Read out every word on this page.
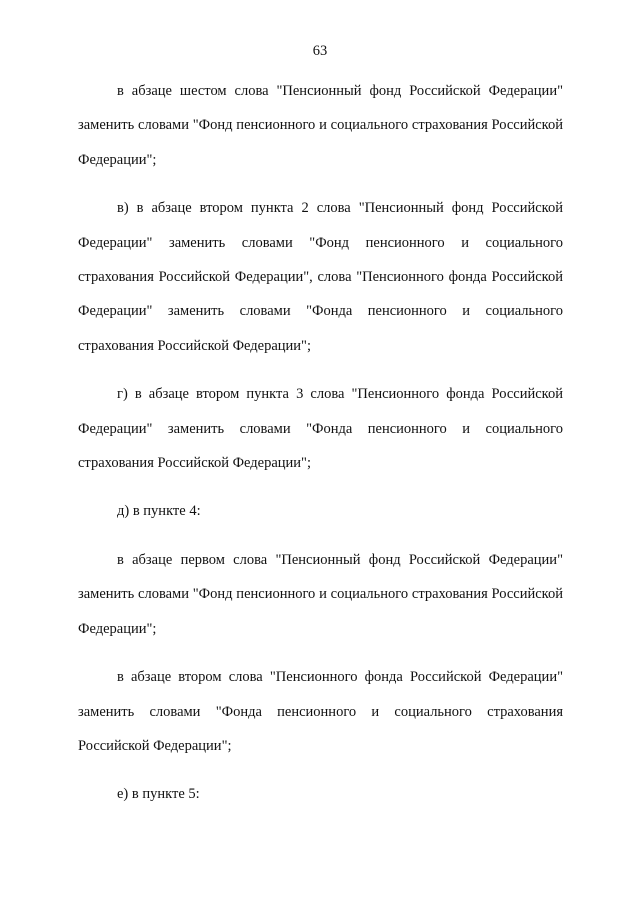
63

в абзаце шестом слова "Пенсионный фонд Российской Федерации" заменить словами "Фонд пенсионного и социального страхования Российской Федерации";

в) в абзаце втором пункта 2 слова "Пенсионный фонд Российской Федерации" заменить словами "Фонд пенсионного и социального страхования Российской Федерации", слова "Пенсионного фонда Российской Федерации" заменить словами "Фонда пенсионного и социального страхования Российской Федерации";

г) в абзаце втором пункта 3 слова "Пенсионного фонда Российской Федерации" заменить словами "Фонда пенсионного и социального страхования Российской Федерации";

д) в пункте 4:

в абзаце первом слова "Пенсионный фонд Российской Федерации" заменить словами "Фонд пенсионного и социального страхования Российской Федерации";

в абзаце втором слова "Пенсионного фонда Российской Федерации" заменить словами "Фонда пенсионного и социального страхования Российской Федерации";

е) в пункте 5:
